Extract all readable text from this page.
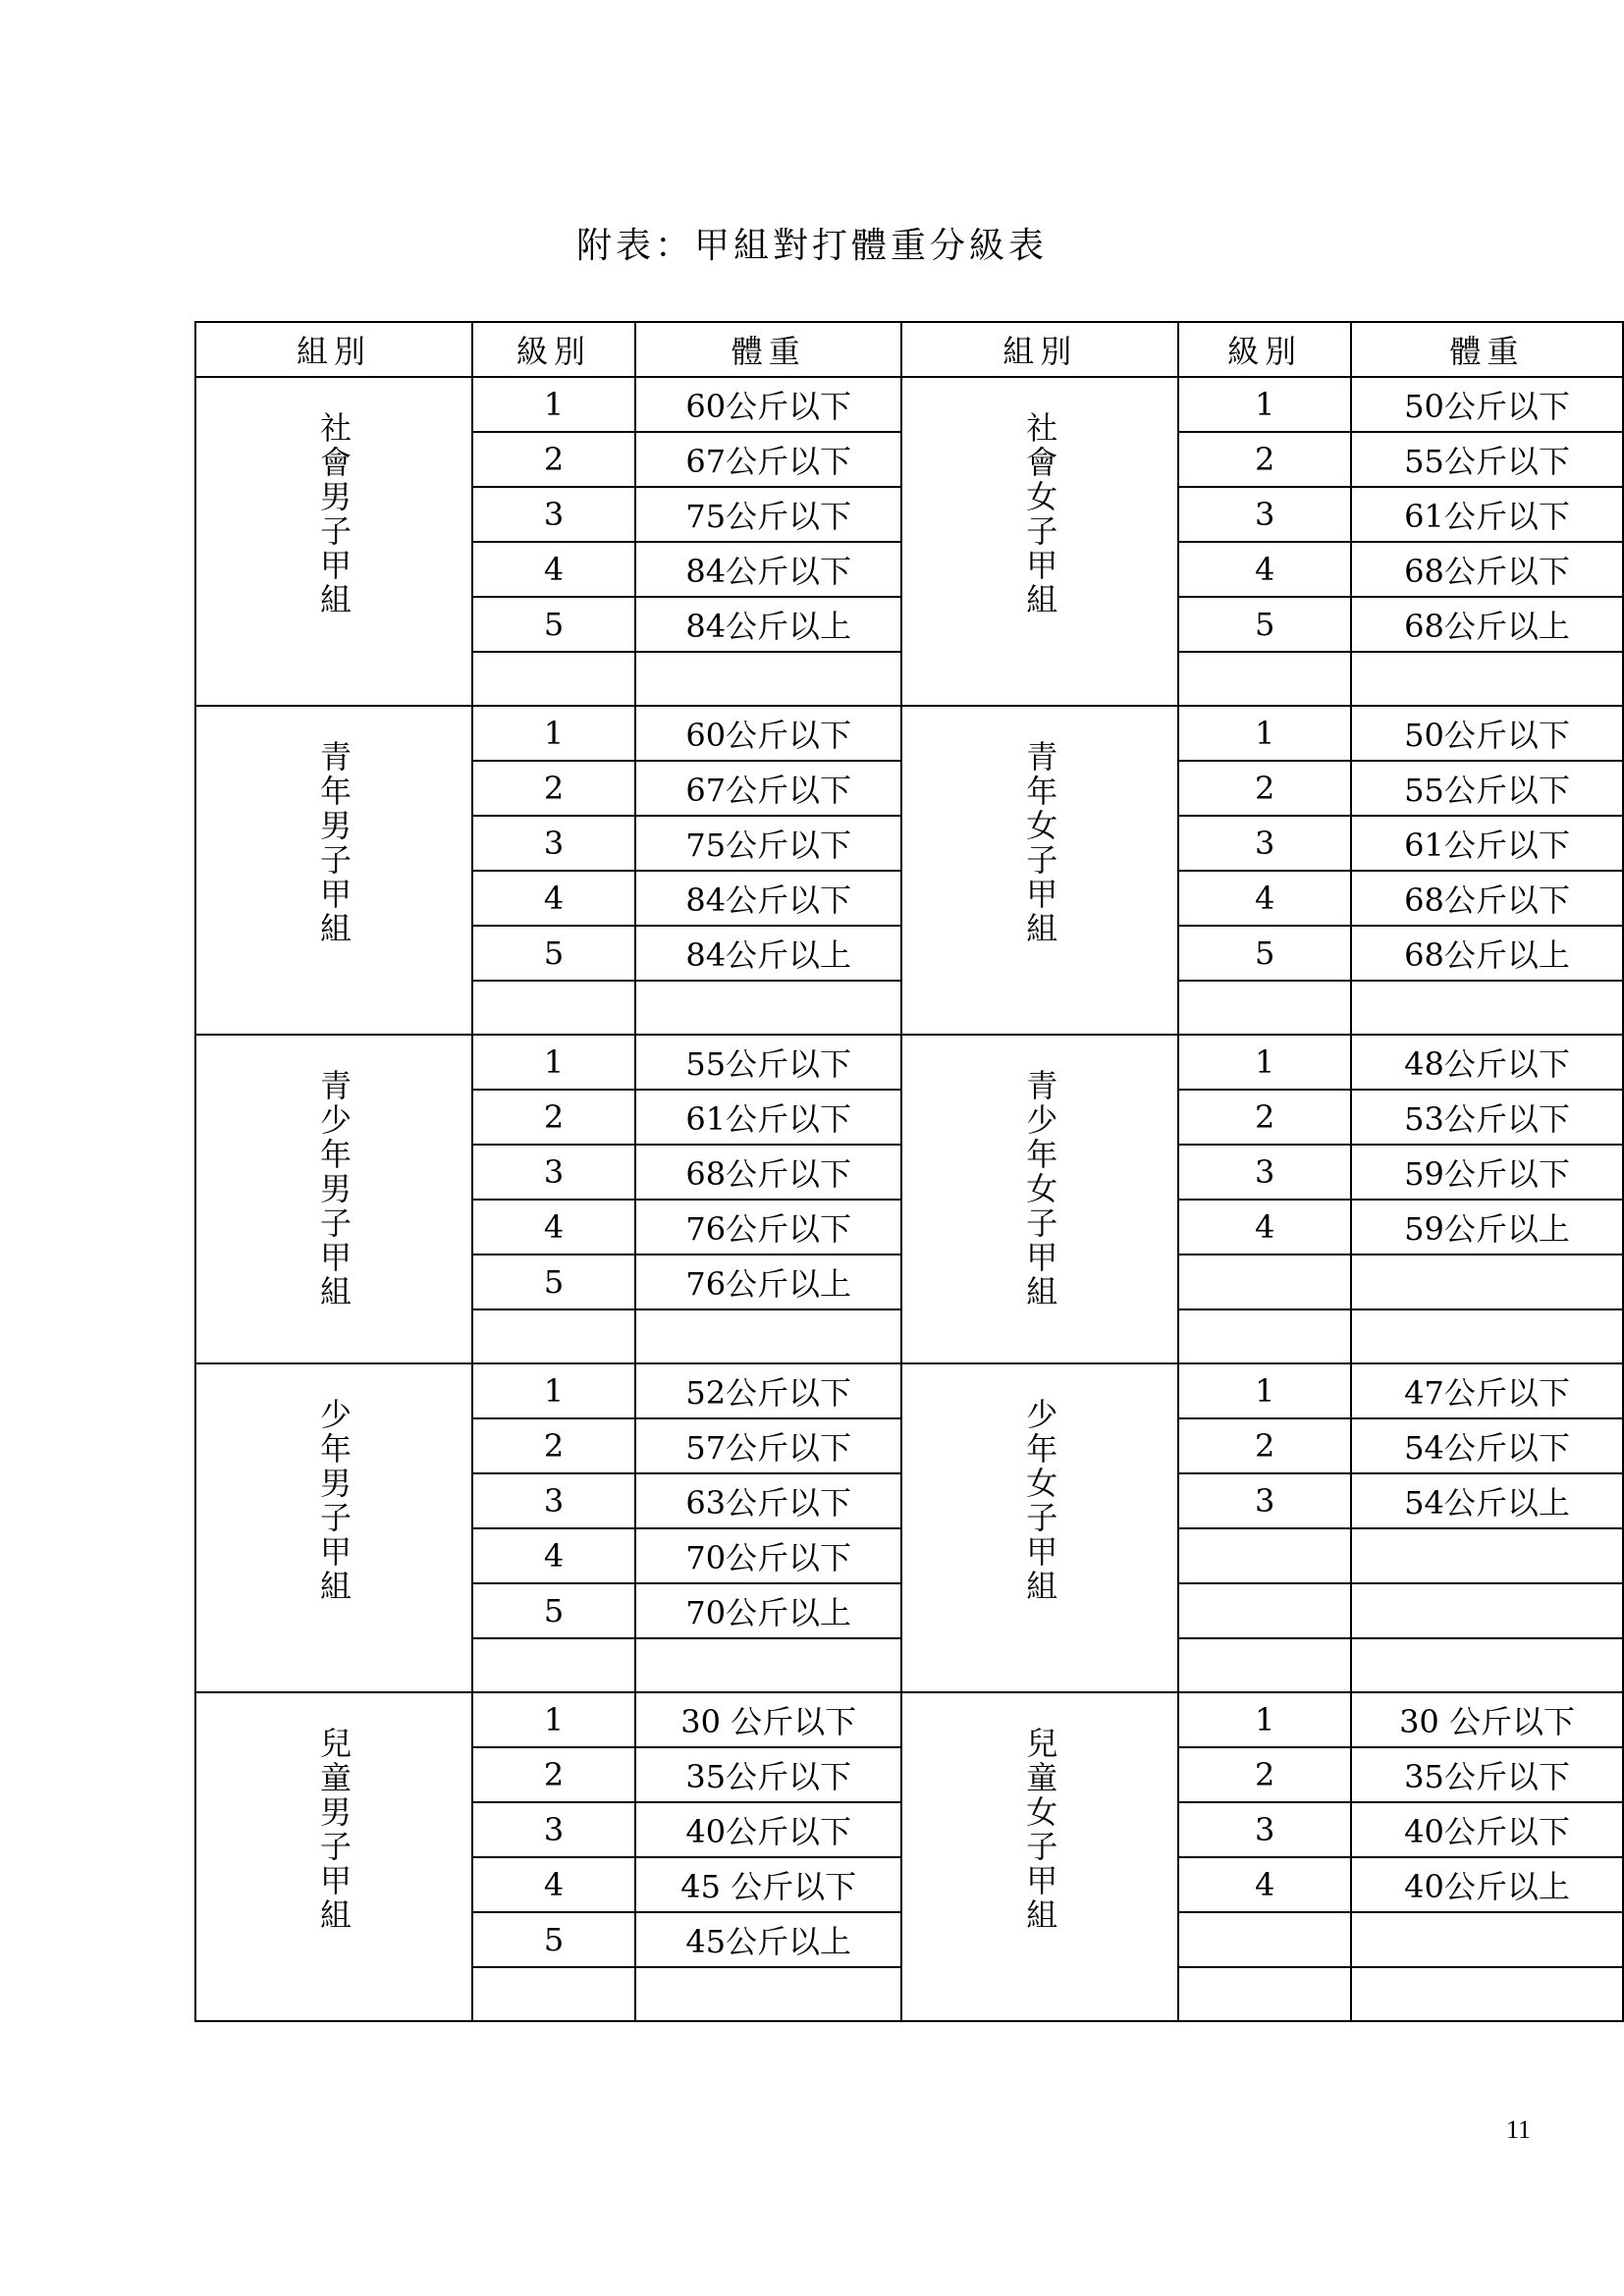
附表：甲組對打體重分級表
組別	級別	體重	組別	級別	體重
社會男子甲組	1	60公斤以下	社會女子甲組	1	50公斤以下
	2	67公斤以下		2	55公斤以下
	3	75公斤以下		3	61公斤以下
	4	84公斤以下		4	68公斤以下
	5	84公斤以上		5	68公斤以上

青年男子甲組	1	60公斤以下	青年女子甲組	1	50公斤以下
	2	67公斤以下		2	55公斤以下
	3	75公斤以下		3	61公斤以下
	4	84公斤以下		4	68公斤以下
	5	84公斤以上		5	68公斤以上

青少年男子甲組	1	55公斤以下	青少年女子甲組	1	48公斤以下
	2	61公斤以下		2	53公斤以下
	3	68公斤以下		3	59公斤以下
	4	76公斤以下		4	59公斤以上
	5	76公斤以上			

少年男子甲組	1	52公斤以下	少年女子甲組	1	47公斤以下
	2	57公斤以下		2	54公斤以下
	3	63公斤以下		3	54公斤以上
	4	70公斤以下			
	5	70公斤以上			

兒童男子甲組	1	30 公斤以下	兒童女子甲組	1	30 公斤以下
	2	35公斤以下		2	35公斤以下
	3	40公斤以下		3	40公斤以下
	4	45 公斤以下		4	40公斤以上
	5	45公斤以上			

11
